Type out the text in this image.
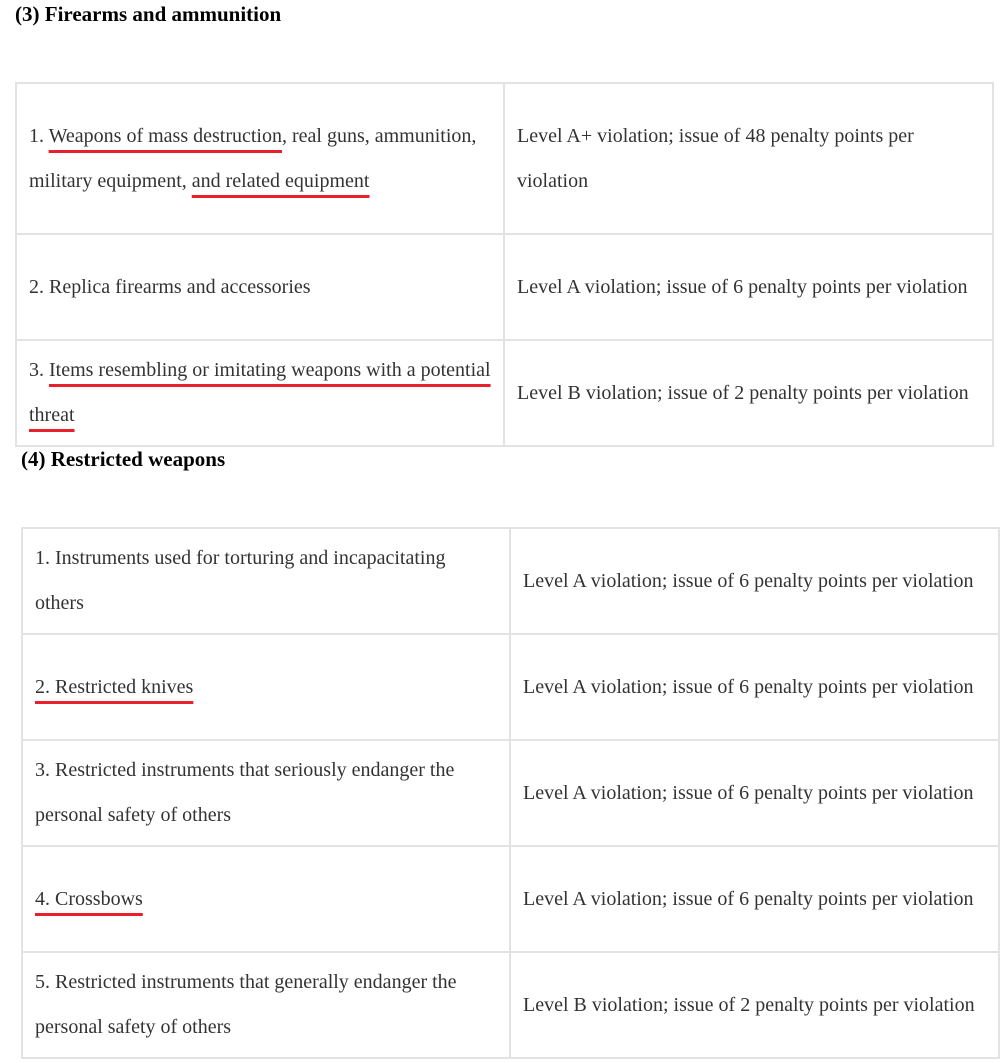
(3) Firearms and ammunition
1. Weapons of mass destruction, real guns, ammunition, military equipment, and related equipment	Level A+ violation; issue of 48 penalty points per violation
2. Replica firearms and accessories	Level A violation; issue of 6 penalty points per violation
3. Items resembling or imitating weapons with a potential threat	Level B violation; issue of 2 penalty points per violation
(4) Restricted weapons
1. Instruments used for torturing and incapacitating others	Level A violation; issue of 6 penalty points per violation
2. Restricted knives	Level A violation; issue of 6 penalty points per violation
3. Restricted instruments that seriously endanger the personal safety of others	Level A violation; issue of 6 penalty points per violation
4. Crossbows	Level A violation; issue of 6 penalty points per violation
5. Restricted instruments that generally endanger the personal safety of others	Level B violation; issue of 2 penalty points per violation
